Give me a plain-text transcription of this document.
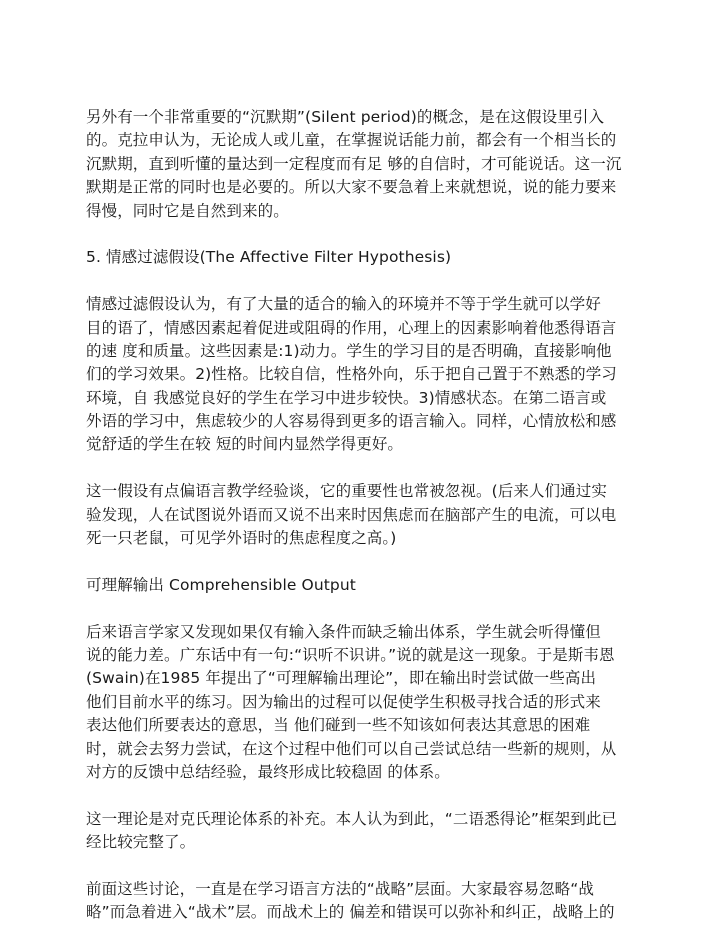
另外有一个非常重要的“沉默期”(Silent period)的概念，是在这假设里引入
的。克拉申认为，无论成人或儿童，在掌握说话能力前，都会有一个相当长的
沉默期，直到听懂的量达到一定程度而有足 够的自信时，才可能说话。这一沉
默期是正常的同时也是必要的。所以大家不要急着上来就想说，说的能力要来
得慢，同时它是自然到来的。
5. 情感过滤假设(The Affective Filter Hypothesis)
情感过滤假设认为，有了大量的适合的输入的环境并不等于学生就可以学好
目的语了，情感因素起着促进或阻碍的作用，心理上的因素影响着他悉得语言
的速 度和质量。这些因素是:1)动力。学生的学习目的是否明确，直接影响他
们的学习效果。2)性格。比较自信，性格外向，乐于把自己置于不熟悉的学习
环境，自 我感觉良好的学生在学习中进步较快。3)情感状态。在第二语言或
外语的学习中，焦虑较少的人容易得到更多的语言输入。同样，心情放松和感
觉舒适的学生在较 短的时间内显然学得更好。
这一假设有点偏语言教学经验谈，它的重要性也常被忽视。(后来人们通过实
验发现，人在试图说外语而又说不出来时因焦虑而在脑部产生的电流，可以电
死一只老鼠，可见学外语时的焦虑程度之高。)
可理解输出 Comprehensible Output
后来语言学家又发现如果仅有输入条件而缺乏输出体系，学生就会听得懂但
说的能力差。广东话中有一句:“识听不识讲。”说的就是这一现象。于是斯韦恩
(Swain)在1985 年提出了“可理解输出理论”，即在输出时尝试做一些高出
他们目前水平的练习。因为输出的过程可以促使学生积极寻找合适的形式来
表达他们所要表达的意思，当 他们碰到一些不知该如何表达其意思的困难
时，就会去努力尝试，在这个过程中他们可以自己尝试总结一些新的规则，从
对方的反馈中总结经验，最终形成比较稳固 的体系。
这一理论是对克氏理论体系的补充。本人认为到此，“二语悉得论”框架到此已
经比较完整了。
前面这些讨论，一直是在学习语言方法的“战略”层面。大家最容易忽略“战
略”而急着进入“战术”层。而战术上的 偏差和错误可以弥补和纠正，战略上的
